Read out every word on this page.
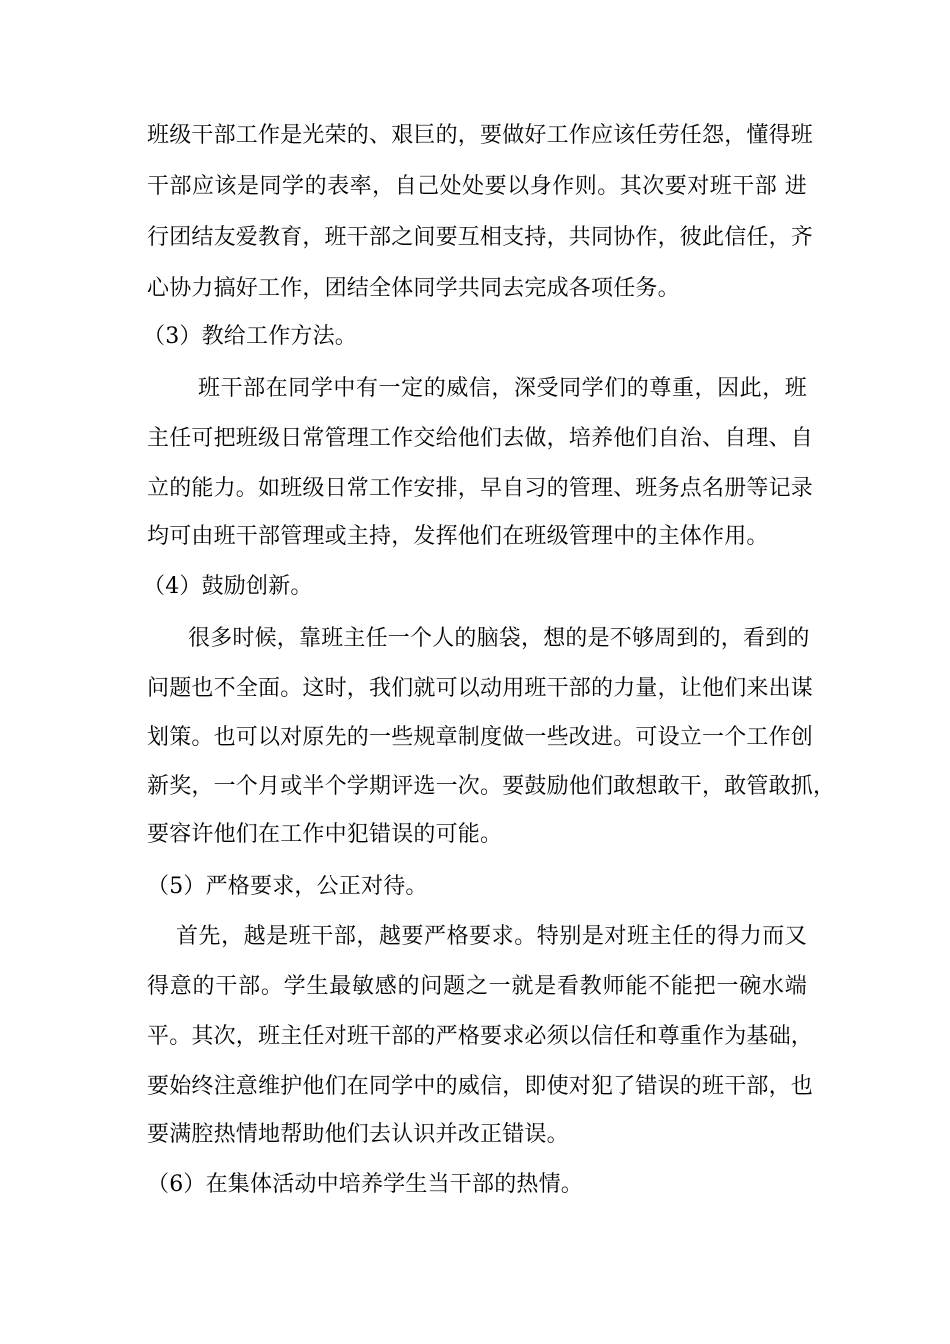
班级干部工作是光荣的、艰巨的，要做好工作应该任劳任怨，懂得班
干部应该是同学的表率，自己处处要以身作则。其次要对班干部 进
行团结友爱教育，班干部之间要互相支持，共同协作，彼此信任，齐
心协力搞好工作，团结全体同学共同去完成各项任务。
（3）教给工作方法。
班干部在同学中有一定的威信，深受同学们的尊重，因此，班
主任可把班级日常管理工作交给他们去做，培养他们自治、自理、自
立的能力。如班级日常工作安排，早自习的管理、班务点名册等记录
均可由班干部管理或主持，发挥他们在班级管理中的主体作用。
（4）鼓励创新。
很多时候，靠班主任一个人的脑袋，想的是不够周到的，看到的
问题也不全面。这时，我们就可以动用班干部的力量，让他们来出谋
划策。也可以对原先的一些规章制度做一些改进。可设立一个工作创
新奖，一个月或半个学期评选一次。要鼓励他们敢想敢干，敢管敢抓，
要容许他们在工作中犯错误的可能。
（5）严格要求，公正对待。
首先，越是班干部，越要严格要求。特别是对班主任的得力而又
得意的干部。学生最敏感的问题之一就是看教师能不能把一碗水端
平。其次，班主任对班干部的严格要求必须以信任和尊重作为基础，
要始终注意维护他们在同学中的威信，即使对犯了错误的班干部，也
要满腔热情地帮助他们去认识并改正错误。
（6）在集体活动中培养学生当干部的热情。
